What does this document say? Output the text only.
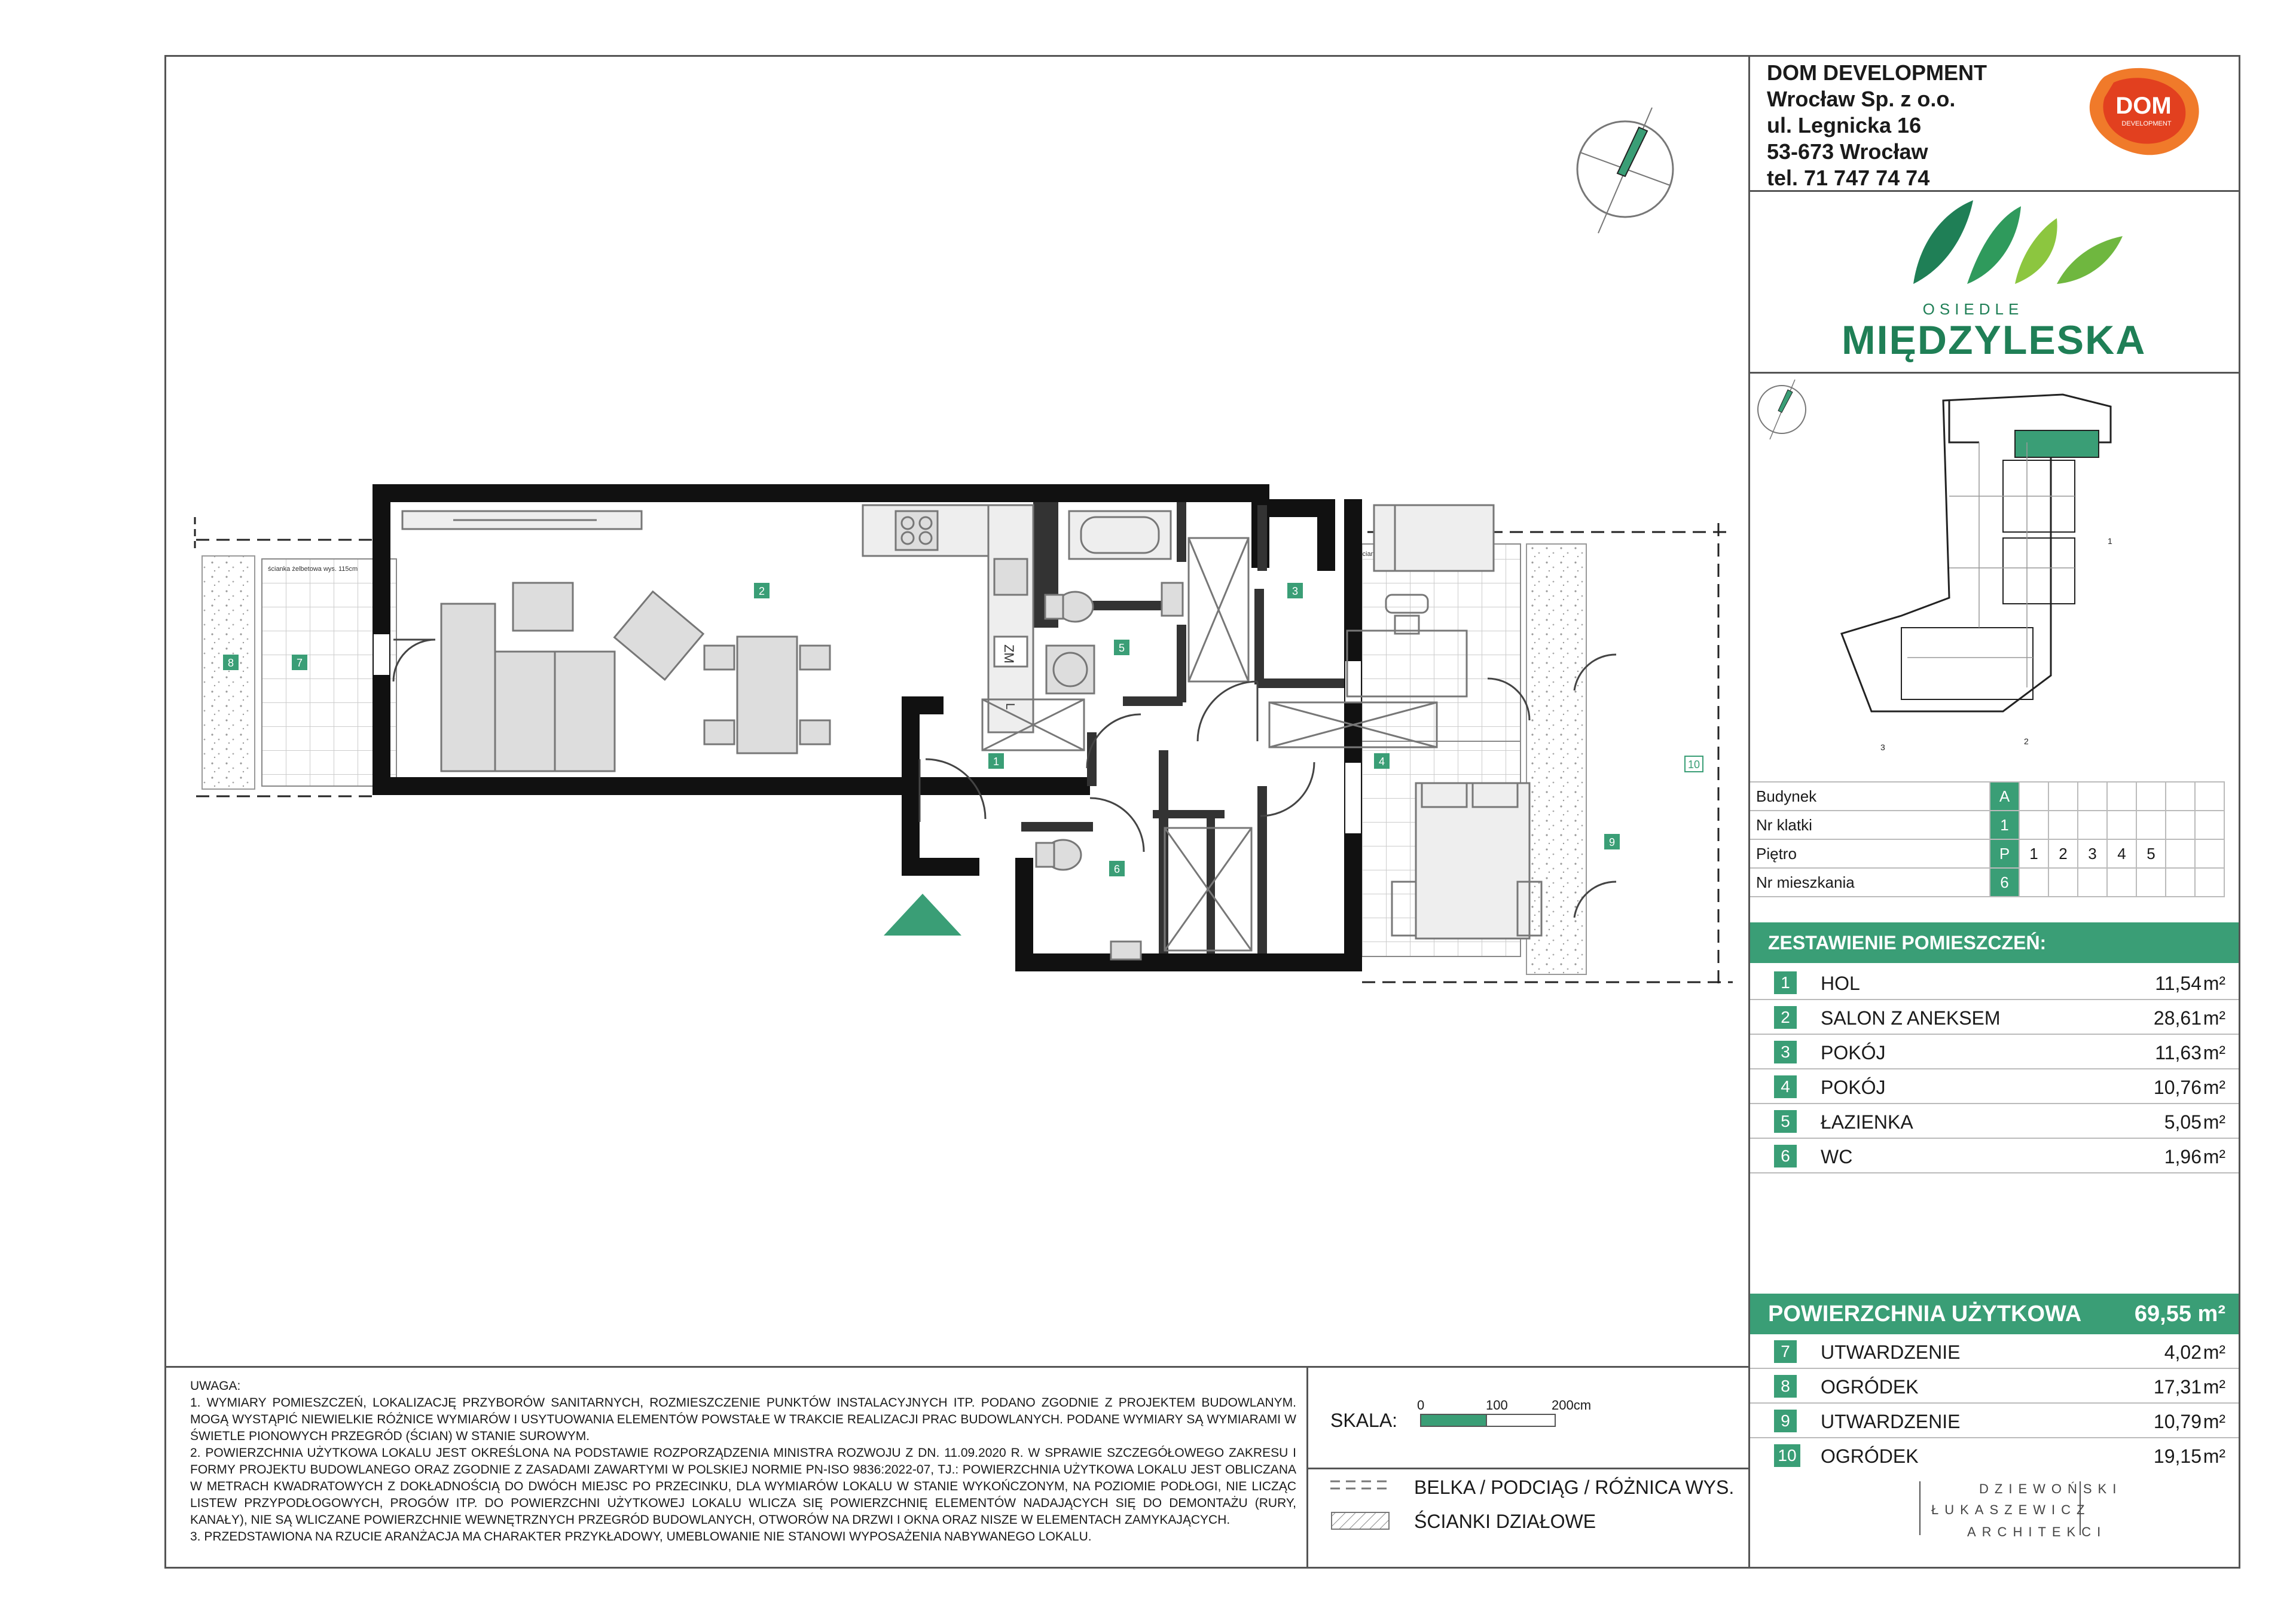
ścianka żelbetowa wys. 115cm
ścianka
ZM
L
1
2	3
4
5
6
7
8
9
10
DOM DEVELOPMENT
Wrocław Sp. z o.o.
ul. Legnicka 16
53-673 Wrocław
tel. 71 747 74 74
DOM
DEVELOPMENT
OSIEDLE
MIĘDZYLESKA
1
2
3
Budynek	A							
Nr klatki	1							
Piętro	P	1	2	3	4	5		
Nr mieszkania	6							
ZESTAWIENIE POMIESZCZEŃ:
1	HOL	11,54 m²
2	SALON Z ANEKSEM	28,61 m²
3	POKÓJ	11,63 m²
4	POKÓJ	10,76 m²
5	ŁAZIENKA	5,05 m²
6	WC	1,96 m²
POWIERZCHNIA UŻYTKOWA 69,55 m²
7	UTWARDZENIE	4,02 m²
8	OGRÓDEK	17,31 m²
9	UTWARDZENIE	10,79 m²
10 OGRÓDEK	19,15 m²
UWAGA:
1. WYMIARY POMIESZCZEŃ, LOKALIZACJĘ PRZYBORÓW SANITARNYCH, ROZMIESZCZENIE PUNKTÓW INSTALACYJNYCH ITP. PODANO ZGODNIE Z PROJEKTEM BUDOWLANYM. MOGĄ WYSTĄPIĆ NIEWIELKIE RÓŻNICE WYMIARÓW I USYTUOWANIA ELEMENTÓW POWSTAŁE W TRAKCIE REALIZACJI PRAC BUDOWLANYCH. PODANE WYMIARY SĄ WYMIARAMI W ŚWIETLE PIONOWYCH PRZEGRÓD (ŚCIAN) W STANIE SUROWYM.
2. POWIERZCHNIA UŻYTKOWA LOKALU JEST OKREŚLONA NA PODSTAWIE ROZPORZĄDZENIA MINISTRA ROZWOJU Z DN. 11.09.2020 R. W SPRAWIE SZCZEGÓŁOWEGO ZAKRESU I FORMY PROJEKTU BUDOWLANEGO ORAZ ZGODNIE Z ZASADAMI ZAWARTYMI W POLSKIEJ NORMIE PN-ISO 9836:2022-07, TJ.: POWIERZCHNIA UŻYTKOWA LOKALU JEST OBLICZANA W METRACH KWADRATOWYCH Z DOKŁADNOŚCIĄ DO DWÓCH MIEJSC PO PRZECINKU, DLA WYMIARÓW LOKALU W STANIE WYKOŃCZONYM, NA POZIOMIE PODŁOGI, NIE LICZĄC LISTEW PRZYPODŁOGOWYCH, PROGÓW ITP. DO POWIERZCHNI UŻYTKOWEJ LOKALU WLICZA SIĘ POWIERZCHNIĘ ELEMENTÓW NADAJĄCYCH SIĘ DO DEMONTAŻU (RURY, KANAŁY), NIE SĄ WLICZANE POWIERZCHNIE WEWNĘTRZNYCH PRZEGRÓD BUDOWLANYCH, OTWORÓW NA DRZWI I OKNA ORAZ NISZE W ELEMENTACH ZAMYKAJĄCYCH.
3. PRZEDSTAWIONA NA RZUCIE ARANŻACJA MA CHARAKTER PRZYKŁADOWY, UMEBLOWANIE NIE STANOWI WYPOSAŻENIA NABYWANEGO LOKALU.
SKALA:
0	100	200cm
BELKA / PODCIĄG / RÓŻNICA WYS.
ŚCIANKI DZIAŁOWE
DZIEWOŃSKI
ŁUKASZEWICZ
ARCHITEKCI
